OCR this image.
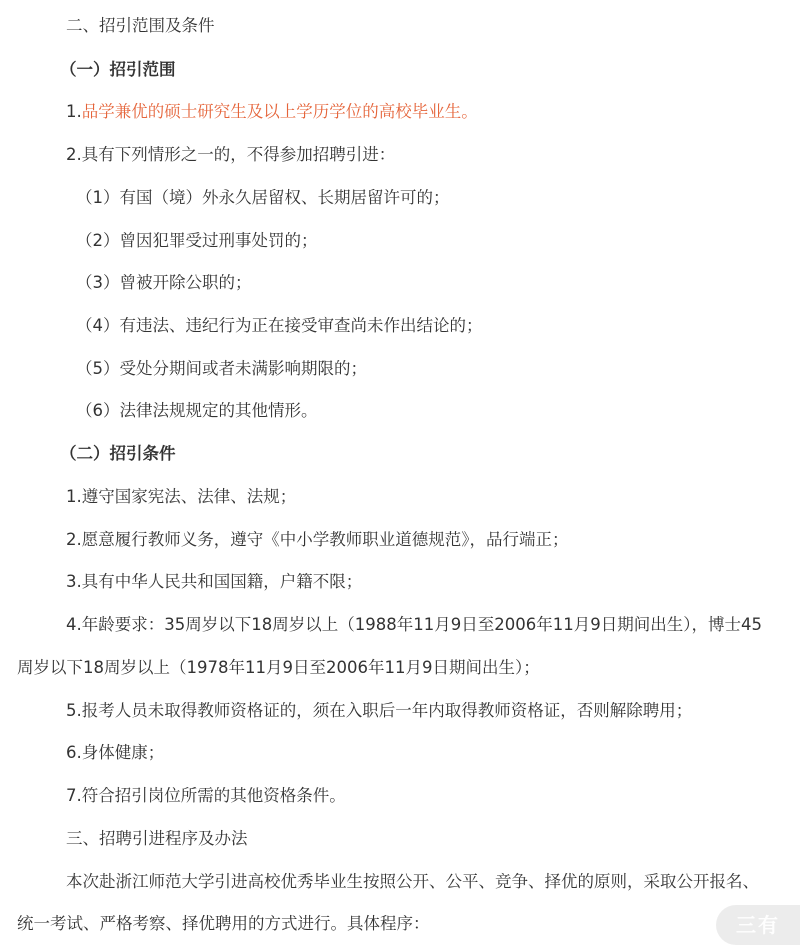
二、招引范围及条件
（一）招引范围
1.品学兼优的硕士研究生及以上学历学位的高校毕业生。
2.具有下列情形之一的，不得参加招聘引进：
（1）有国（境）外永久居留权、长期居留许可的；
（2）曾因犯罪受过刑事处罚的；
（3）曾被开除公职的；
（4）有违法、违纪行为正在接受审查尚未作出结论的；
（5）受处分期间或者未满影响期限的；
（6）法律法规规定的其他情形。
（二）招引条件
1.遵守国家宪法、法律、法规；
2.愿意履行教师义务，遵守《中小学教师职业道德规范》，品行端正；
3.具有中华人民共和国国籍，户籍不限；
4.年龄要求：35周岁以下18周岁以上（1988年11月9日至2006年11月9日期间出生），博士45
周岁以下18周岁以上（1978年11月9日至2006年11月9日期间出生）；
5.报考人员未取得教师资格证的，须在入职后一年内取得教师资格证，否则解除聘用；
6.身体健康；
7.符合招引岗位所需的其他资格条件。
三、招聘引进程序及办法
本次赴浙江师范大学引进高校优秀毕业生按照公开、公平、竞争、择优的原则，采取公开报名、
统一考试、严格考察、择优聘用的方式进行。具体程序：	三有
